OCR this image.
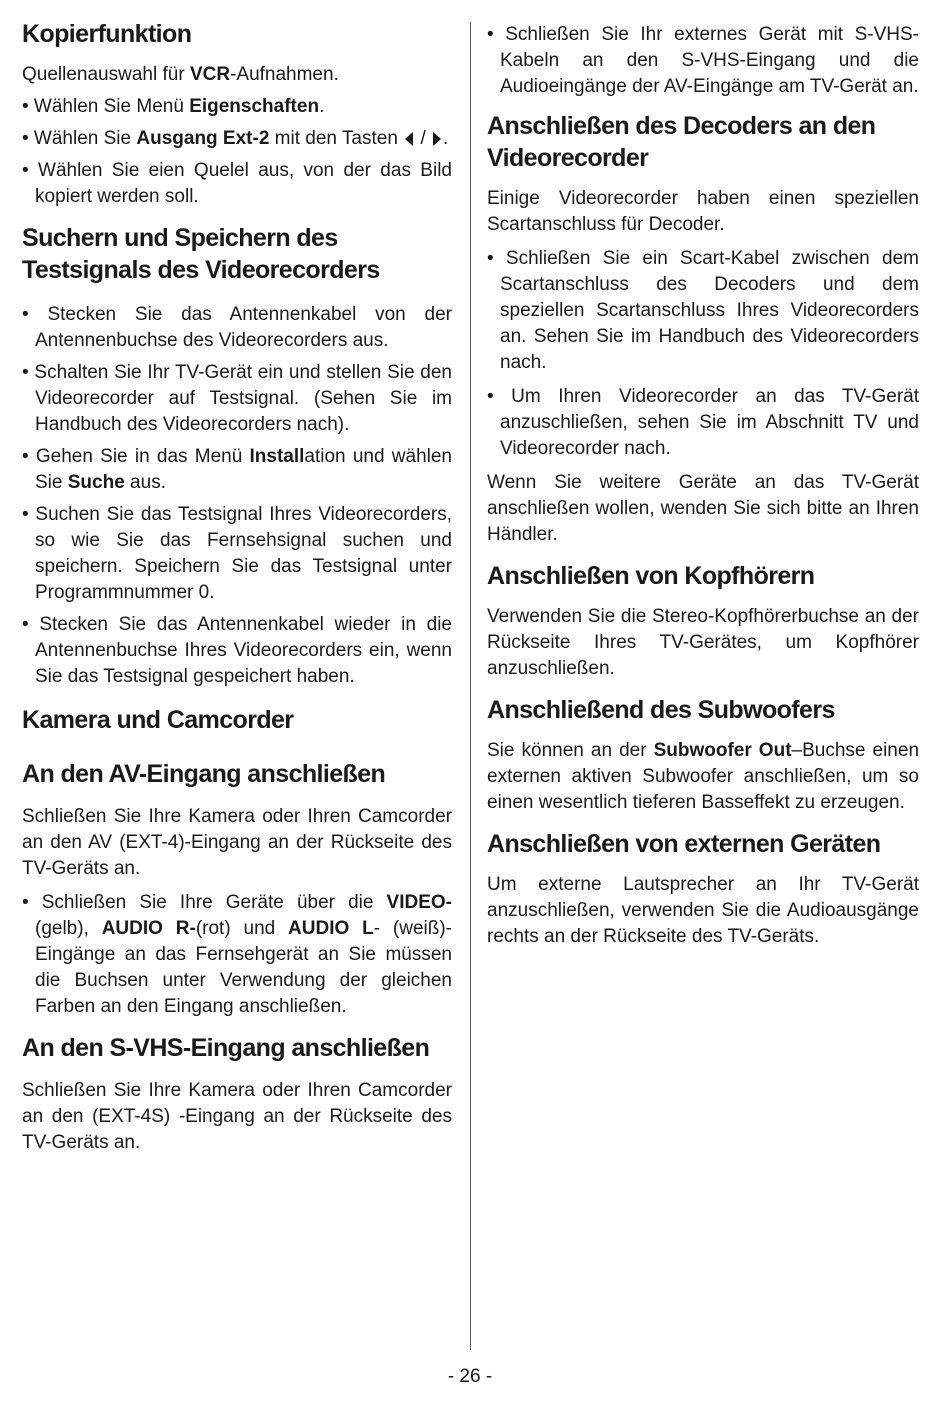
Kopierfunktion

Quellenauswahl für VCR-Aufnahmen.

• Wählen Sie Menü Eigenschaften.

• Wählen Sie Ausgang Ext-2 mit den Tasten  / .

• Wählen Sie eien Quelel aus, von der das Bild kopiert werden soll.

Suchern und Speichern des Testsignals des Videorecorders

• Stecken Sie das Antennenkabel von der Antennenbuchse des Videorecorders aus.

• Schalten Sie Ihr TV-Gerät ein und stellen Sie den Videorecorder auf Testsignal. (Sehen Sie im Handbuch des Videorecorders nach).

• Gehen Sie in das Menü Installation und wählen Sie Suche aus.

• Suchen Sie das Testsignal Ihres Videorecorders, so wie Sie das Fernsehsignal suchen und speichern. Speichern Sie das Testsignal unter Programmnummer 0.

• Stecken Sie das Antennenkabel wieder in die Antennenbuchse Ihres Videorecorders ein, wenn Sie das Testsignal gespeichert haben.

Kamera und Camcorder
An den AV-Eingang anschließen

Schließen Sie Ihre Kamera oder Ihren Camcorder an den AV (EXT-4)-Eingang an der Rückseite des TV-Geräts an.

• Schließen Sie Ihre Geräte über die VIDEO- (gelb), AUDIO R-(rot) und AUDIO L- (weiß)- Eingänge an das Fernsehgerät an Sie müssen die Buchsen unter Verwendung der gleichen Farben an den Eingang anschließen.

An den S-VHS-Eingang anschließen

Schließen Sie Ihre Kamera oder Ihren Camcorder an den (EXT-4S) -Eingang an der Rückseite des TV-Geräts an.

• Schließen Sie Ihr externes Gerät mit S-VHS-Kabeln an den S-VHS-Eingang und die Audioeingänge der AV-Eingänge am TV-Gerät an.

Anschließen des Decoders an den Videorecorder

Einige Videorecorder haben einen speziellen Scartanschluss für Decoder.

• Schließen Sie ein Scart-Kabel zwischen dem Scartanschluss des Decoders und dem speziellen Scartanschluss Ihres Videorecorders an. Sehen Sie im Handbuch des Videorecorders nach.

• Um Ihren Videorecorder an das TV-Gerät anzuschließen, sehen Sie im Abschnitt TV und Videorecorder nach.

Wenn Sie weitere Geräte an das TV-Gerät anschließen wollen, wenden Sie sich bitte an Ihren Händler.

Anschließen von Kopfhörern

Verwenden Sie die Stereo-Kopfhörerbuchse an der Rückseite Ihres TV-Gerätes, um Kopfhörer anzuschließen.

Anschließend des Subwoofers

Sie können an der Subwoofer Out–Buchse einen externen aktiven Subwoofer anschließen, um so einen wesentlich tieferen Basseffekt zu erzeugen.

Anschließen von externen Geräten

Um externe Lautsprecher an Ihr TV-Gerät anzuschließen, verwenden Sie die Audioausgänge rechts an der Rückseite des TV-Geräts.

- 26 -
